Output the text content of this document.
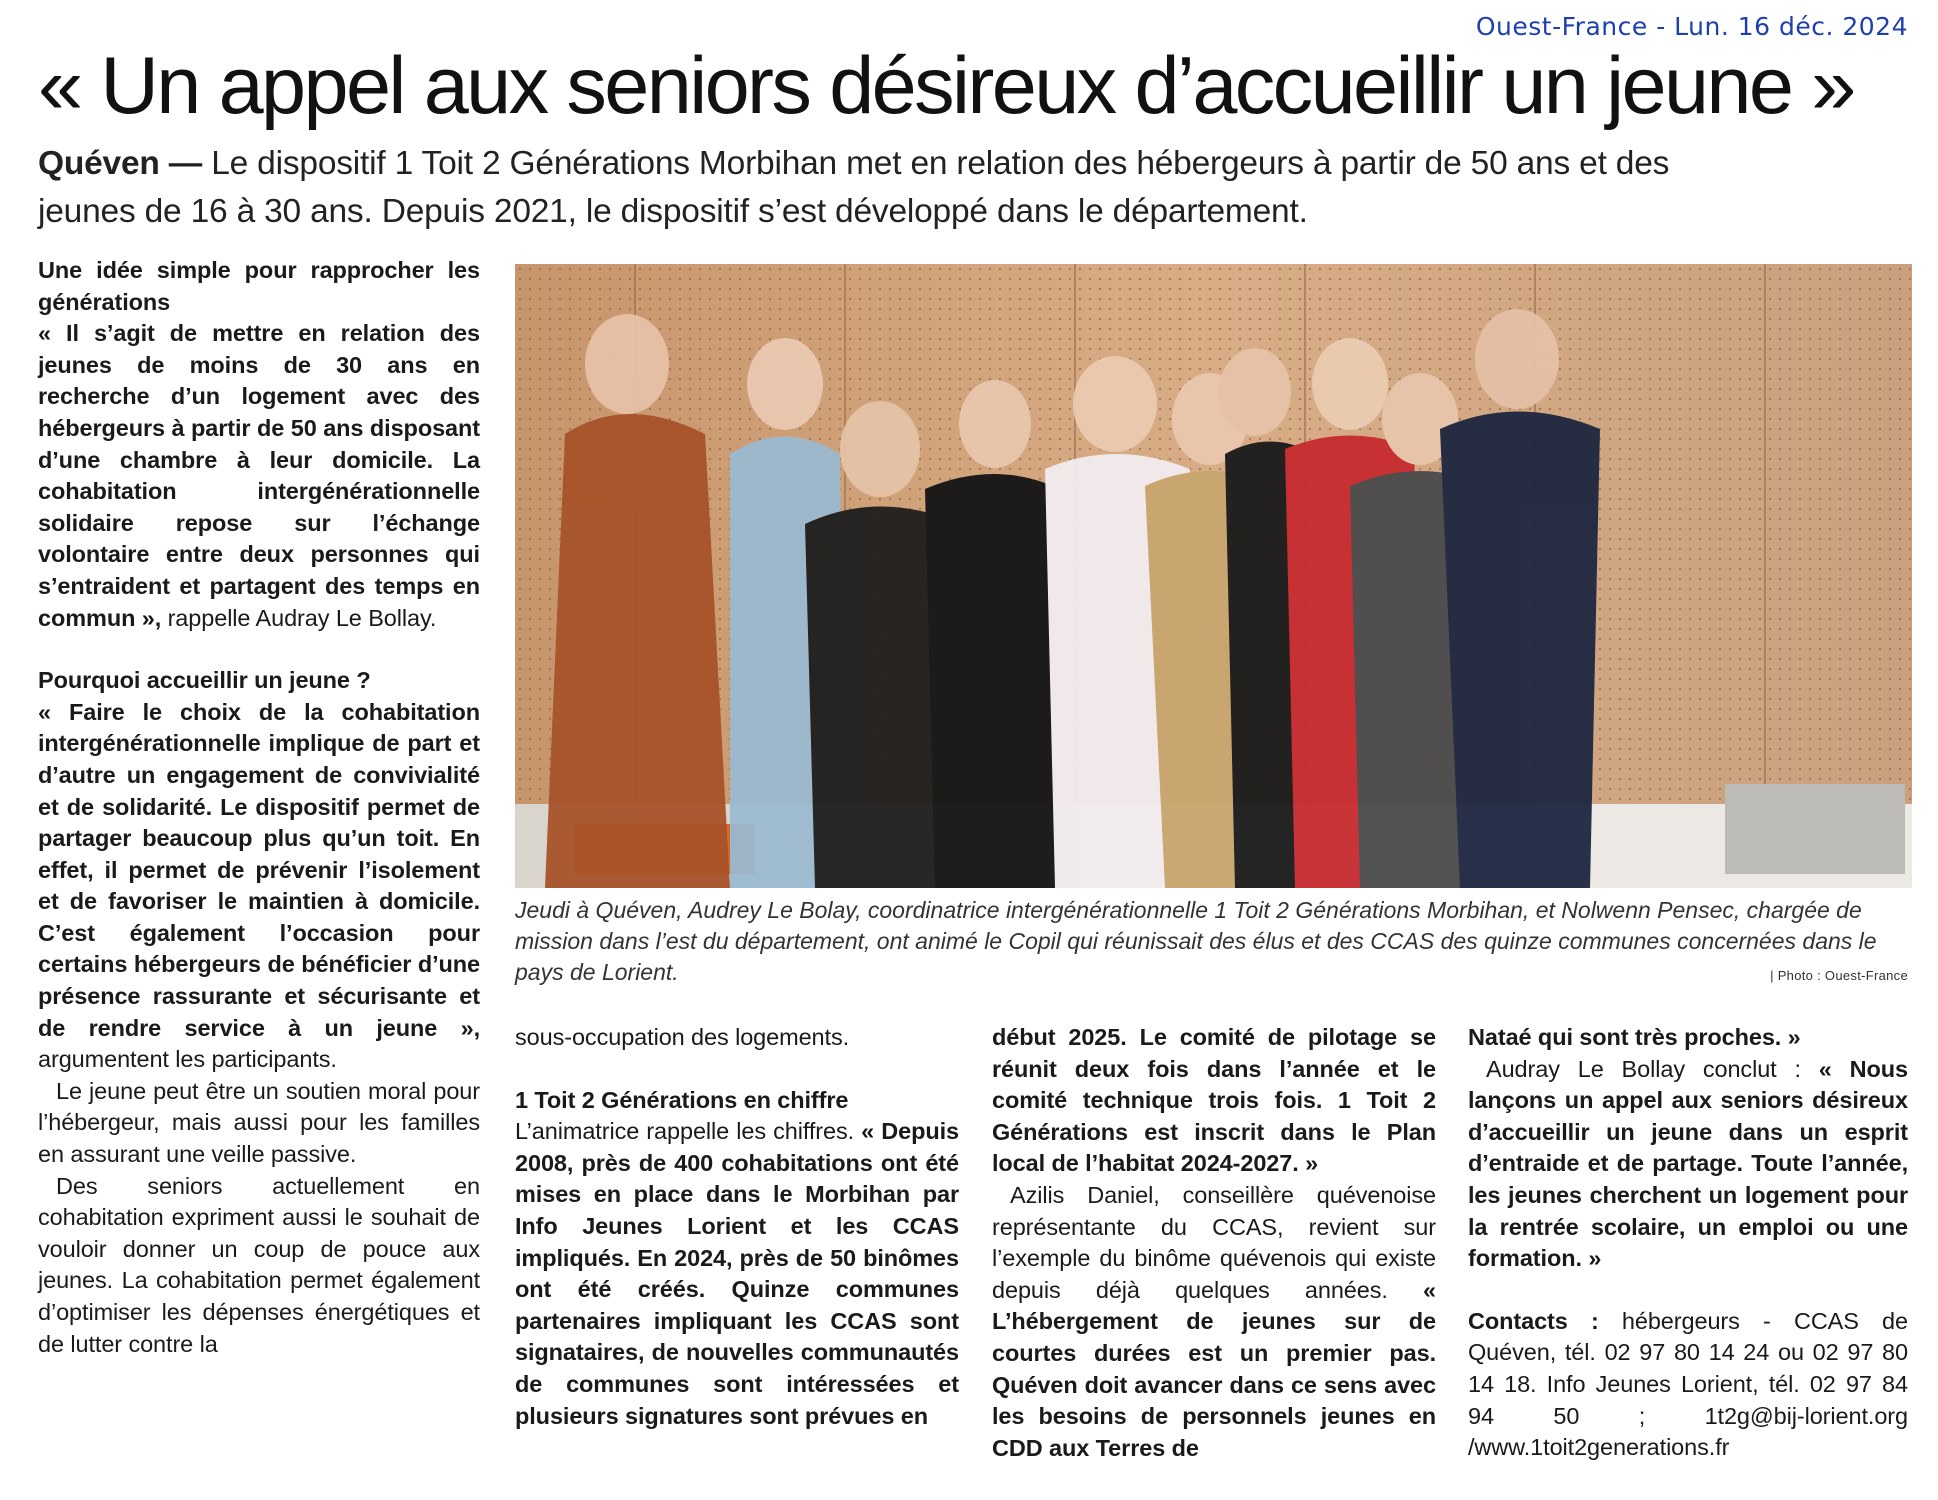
Ouest-France - Lun. 16 déc. 2024
« Un appel aux seniors désireux d’accueillir un jeune »
Quéven — Le dispositif 1 Toit 2 Générations Morbihan met en relation des hébergeurs à partir de 50 ans et des jeunes de 16 à 30 ans. Depuis 2021, le dispositif s’est développé dans le département.

Une idée simple pour rapprocher les générations

« Il s’agit de mettre en relation des jeunes de moins de 30 ans en recherche d’un logement avec des hébergeurs à partir de 50 ans disposant d’une chambre à leur domicile. La cohabitation intergénérationnelle solidaire repose sur l’échange volontaire entre deux personnes qui s’entraident et partagent des temps en commun », rappelle Audray Le Bollay.

Pourquoi accueillir un jeune ?

« Faire le choix de la cohabitation intergénérationnelle implique de part et d’autre un engagement de convivialité et de solidarité. Le dispositif permet de partager beaucoup plus qu’un toit. En effet, il permet de prévenir l’isolement et de favoriser le maintien à domicile. C’est également l’occasion pour certains hébergeurs de bénéficier d’une présence rassurante et sécurisante et de rendre service à un jeune », argumentent les participants.

Le jeune peut être un soutien moral pour l’hébergeur, mais aussi pour les familles en assurant une veille passive.

Des seniors actuellement en cohabitation expriment aussi le souhait de vouloir donner un coup de pouce aux jeunes. La cohabitation permet également d’optimiser les dépenses énergétiques et de lutter contre la

Jeudi à Quéven, Audrey Le Bolay, coordinatrice intergénérationnelle 1 Toit 2 Générations Morbihan, et Nolwenn Pensec, chargée de mission dans l’est du département, ont animé le Copil qui réunissait des élus et des CCAS des quinze communes concernées dans le pays de Lorient.	| Photo : Ouest-France

sous-occupation des logements.

1 Toit 2 Générations en chiffre

L’animatrice rappelle les chiffres. « Depuis 2008, près de 400 cohabitations ont été mises en place dans le Morbihan par Info Jeunes Lorient et les CCAS impliqués. En 2024, près de 50 binômes ont été créés. Quinze communes partenaires impliquant les CCAS sont signataires, de nouvelles communautés de communes sont intéressées et plusieurs signatures sont prévues en

début 2025. Le comité de pilotage se réunit deux fois dans l’année et le comité technique trois fois. 1 Toit 2 Générations est inscrit dans le Plan local de l’habitat 2024-2027. »

Azilis Daniel, conseillère quévenoise représentante du CCAS, revient sur l’exemple du binôme quévenois qui existe depuis déjà quelques années. « L’hébergement de jeunes sur de courtes durées est un premier pas. Quéven doit avancer dans ce sens avec les besoins de personnels jeunes en CDD aux Terres de

Nataé qui sont très proches. »

Audray Le Bollay conclut : « Nous lançons un appel aux seniors désireux d’accueillir un jeune dans un esprit d’entraide et de partage. Toute l’année, les jeunes cherchent un logement pour la rentrée scolaire, un emploi ou une formation. »

Contacts : hébergeurs - CCAS de Quéven, tél. 02 97 80 14 24 ou 02 97 80 14 18. Info Jeunes Lorient, tél. 02 97 84 94 50 ; 1t2g@bij-lorient.org /www.1toit2generations.fr
